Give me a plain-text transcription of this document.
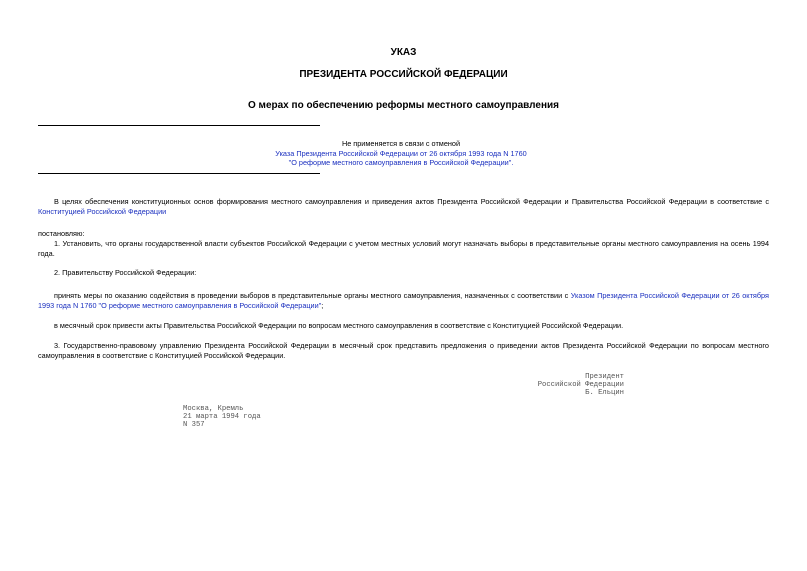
УКАЗ
ПРЕЗИДЕНТА РОССИЙСКОЙ ФЕДЕРАЦИИ
О мерах по обеспечению реформы местного самоуправления
Не применяется в связи с отменой
Указа Президента Российской Федерации от 26 октября 1993 года N 1760
"О реформе местного самоуправления в Российской Федерации".
В целях обеспечения конституционных основ формирования местного самоуправления и приведения актов Президента Российской Федерации и Правительства Российской Федерации в соответствие с Конституцией Российской Федерации
постановляю:
1. Установить, что органы государственной власти субъектов Российской Федерации с учетом местных условий могут назначать выборы в представительные органы местного самоуправления на осень 1994 года.
2. Правительству Российской Федерации:
принять меры по оказанию содействия в проведении выборов в представительные органы местного самоуправления, назначенных с соответствии с Указом Президента Российской Федерации от 26 октября 1993 года N 1760 "О реформе местного самоуправления в Российской Федерации";
в месячный срок привести акты Правительства Российской Федерации по вопросам местного самоуправления в соответствие с Конституцией Российской Федерации.
3. Государственно-правовому управлению Президента Российской Федерации в месячный срок представить предложения о приведении актов Президента Российской Федерации по вопросам местного самоуправления в соответствие с Конституцией Российской Федерации.
Президент
Российской Федерации
Б. Ельцин
Москва, Кремль
21 марта 1994 года
N 357
